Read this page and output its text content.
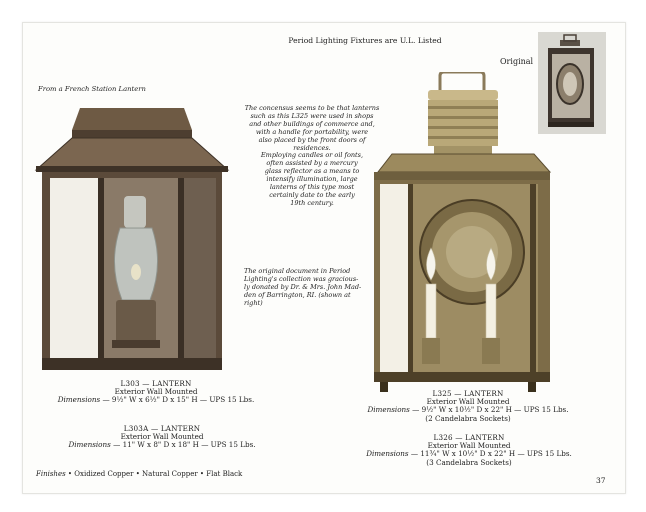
Period Lighting Fixtures are U.L. Listed
Original
From a French Station Lantern
The concensus seems to be that lanterns
such as this L325 were used in shops
and other buildings of commerce and,
with a handle for portability, were
also placed by the front doors of
residences.
Employing candles or oil fonts,
often assisted by a mercury
glass reflector as a means to
intensify illumination, large
lanterns of this type most
certainly date to the early
19th century.
The original document in Period
Lighting's collection was gracious-
ly donated by Dr. & Mrs. John Mad-
den of Barrington, RI. (shown at
right)
L303 — LANTERN
Exterior Wall Mounted
Dimensions — 9½" W x 6½" D x 15" H — UPS 15 Lbs.
L303A — LANTERN
Exterior Wall Mounted
Dimensions — 11" W x 8" D x 18" H — UPS 15 Lbs.
L325 — LANTERN
Exterior Wall Mounted
Dimensions — 9½" W x 10½" D x 22" H — UPS 15 Lbs.
(2 Candelabra Sockets)
L326 — LANTERN
Exterior Wall Mounted
Dimensions — 11¾" W x 10½" D x 22" H — UPS 15 Lbs.
(3 Candelabra Sockets)
Finishes • Oxidized Copper • Natural Copper • Flat Black
37
